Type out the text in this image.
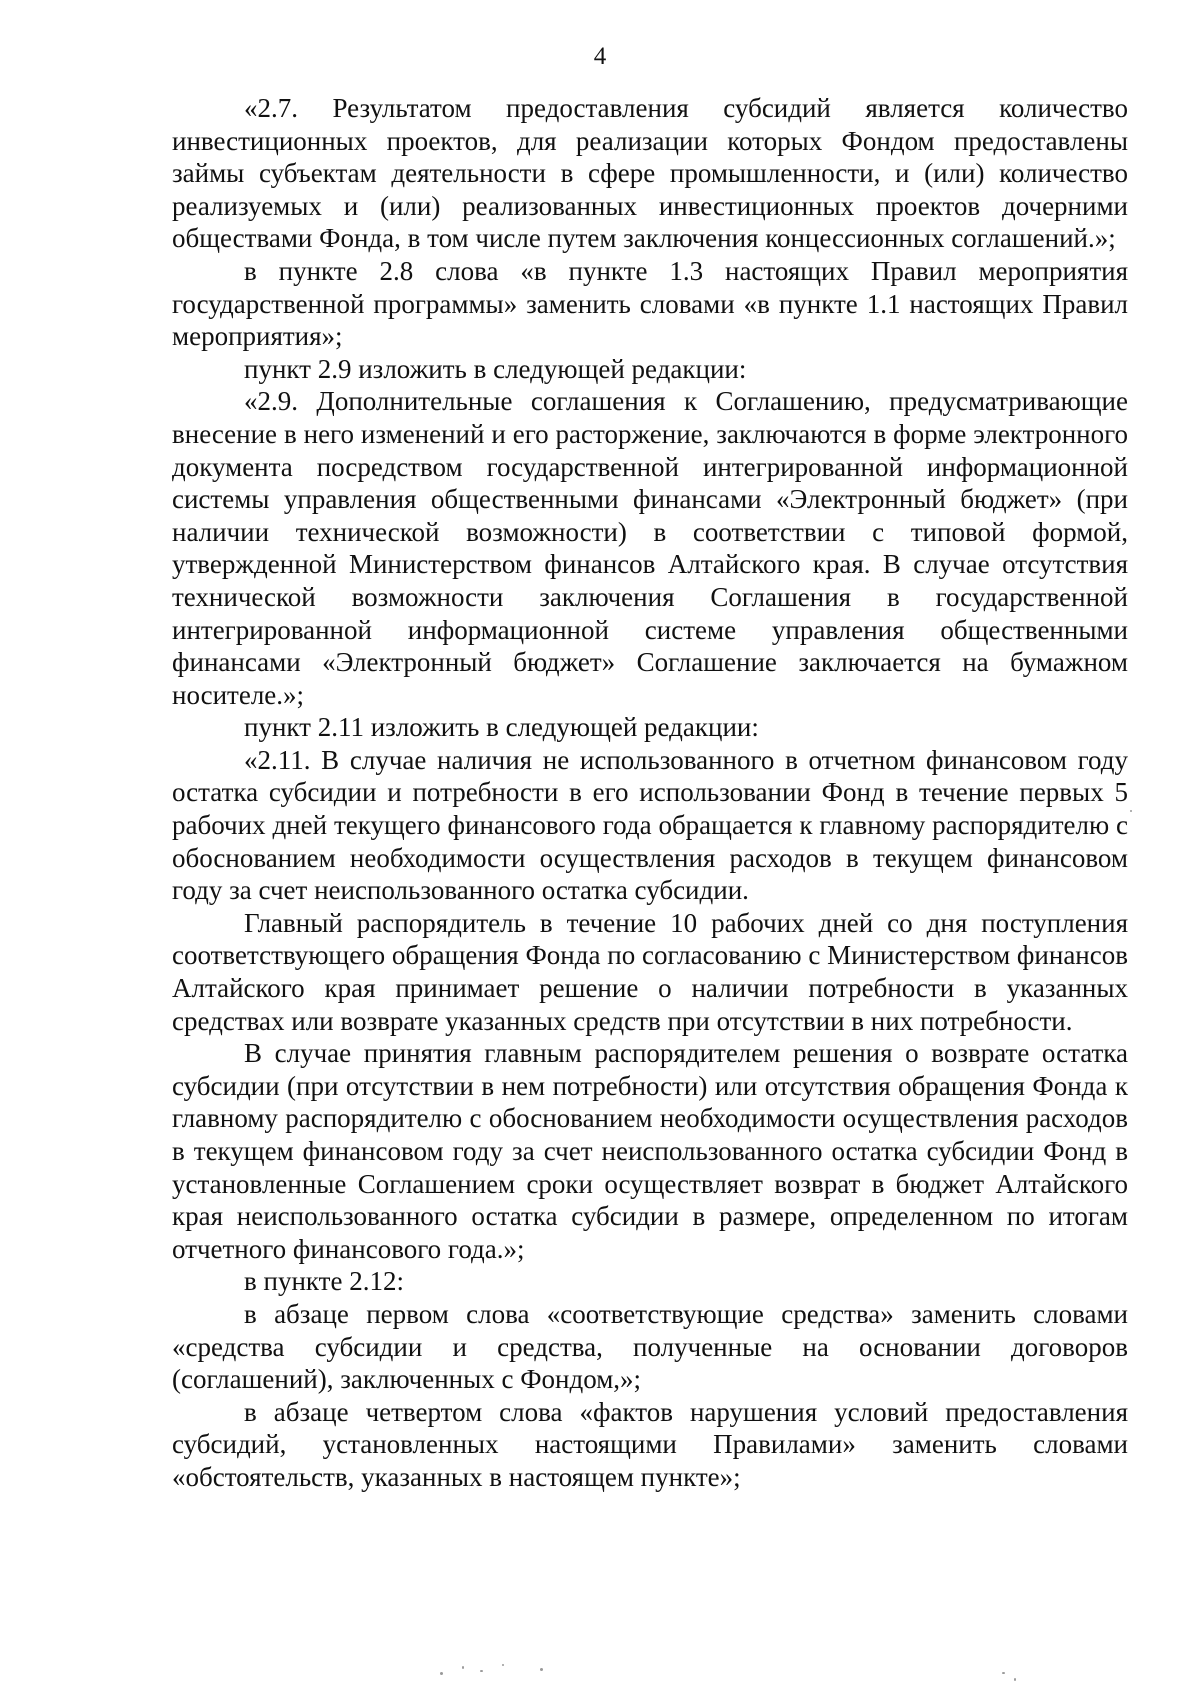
4

«2.7. Результатом предоставления субсидий является количество инвестиционных проектов, для реализации которых Фондом предоставлены займы субъектам деятельности в сфере промышленности, и (или) количество реализуемых и (или) реализованных инвестиционных проектов дочерними обществами Фонда, в том числе путем заключения концессионных соглашений.»;

в пункте 2.8 слова «в пункте 1.3 настоящих Правил мероприятия государственной программы» заменить словами «в пункте 1.1 настоящих Правил мероприятия»;

пункт 2.9 изложить в следующей редакции:

«2.9. Дополнительные соглашения к Соглашению, предусматривающие внесение в него изменений и его расторжение, заключаются в форме электронного документа посредством государственной интегрированной информационной системы управления общественными финансами «Электронный бюджет» (при наличии технической возможности) в соответствии с типовой формой, утвержденной Министерством финансов Алтайского края. В случае отсутствия технической возможности заключения Соглашения в государственной интегрированной информационной системе управления общественными финансами «Электронный бюджет» Соглашение заключается на бумажном носителе.»;

пункт 2.11 изложить в следующей редакции:

«2.11. В случае наличия не использованного в отчетном финансовом году остатка субсидии и потребности в его использовании Фонд в течение первых 5 рабочих дней текущего финансового года обращается к главному распорядителю с обоснованием необходимости осуществления расходов в текущем финансовом году за счет неиспользованного остатка субсидии.

Главный распорядитель в течение 10 рабочих дней со дня поступления соответствующего обращения Фонда по согласованию с Министерством финансов Алтайского края принимает решение о наличии потребности в указанных средствах или возврате указанных средств при отсутствии в них потребности.

В случае принятия главным распорядителем решения о возврате остатка субсидии (при отсутствии в нем потребности) или отсутствия обращения Фонда к главному распорядителю с обоснованием необходимости осуществления расходов в текущем финансовом году за счет неиспользованного остатка субсидии Фонд в установленные Соглашением сроки осуществляет возврат в бюджет Алтайского края неиспользованного остатка субсидии в размере, определенном по итогам отчетного финансового года.»;

в пункте 2.12:

в абзаце первом слова «соответствующие средства» заменить словами «средства субсидии и средства, полученные на основании договоров (соглашений), заключенных с Фондом,»;

в абзаце четвертом слова «фактов нарушения условий предоставления субсидий, установленных настоящими Правилами» заменить словами «обстоятельств, указанных в настоящем пункте»;
